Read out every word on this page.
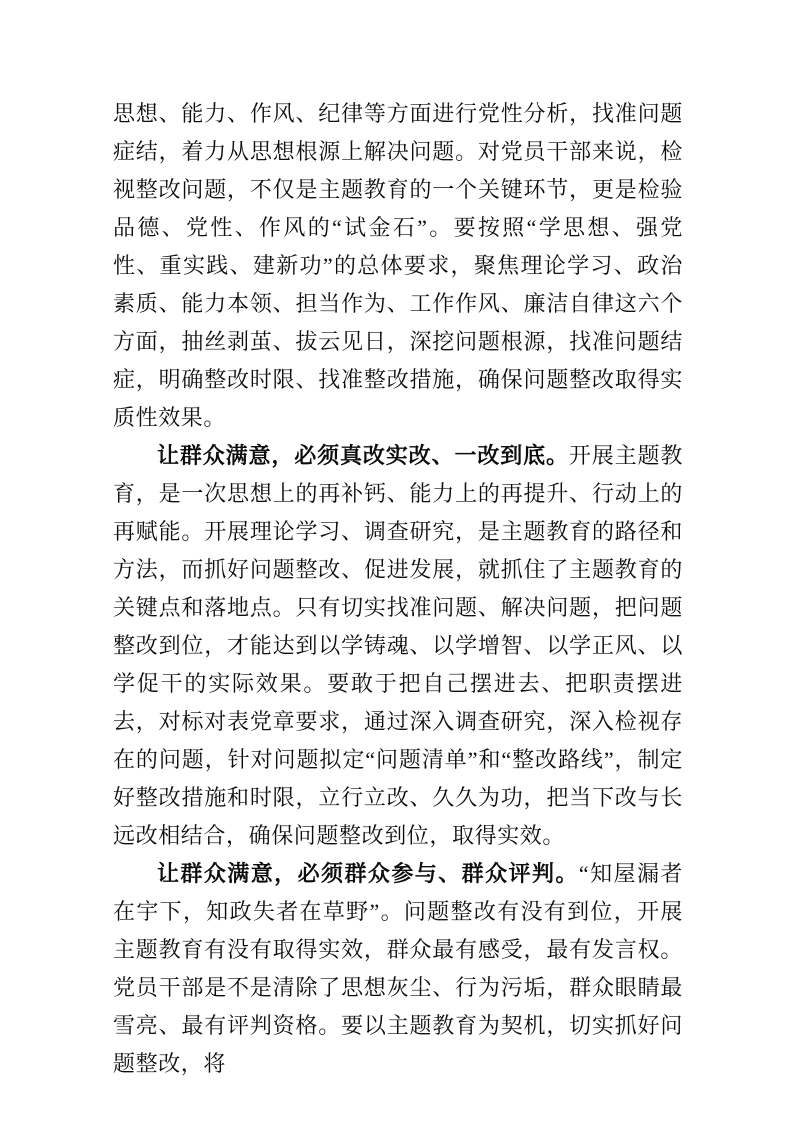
思想、能力、作风、纪律等方面进行党性分析，找准问题症结，着力从思想根源上解决问题。对党员干部来说，检视整改问题，不仅是主题教育的一个关键环节，更是检验品德、党性、作风的“试金石”。要按照“学思想、强党性、重实践、建新功”的总体要求，聚焦理论学习、政治素质、能力本领、担当作为、工作作风、廉洁自律这六个方面，抽丝剥茧、拔云见日，深挖问题根源，找准问题结症，明确整改时限、找准整改措施，确保问题整改取得实质性效果。

让群众满意，必须真改实改、一改到底。开展主题教育，是一次思想上的再补钙、能力上的再提升、行动上的再赋能。开展理论学习、调查研究，是主题教育的路径和方法，而抓好问题整改、促进发展，就抓住了主题教育的关键点和落地点。只有切实找准问题、解决问题，把问题整改到位，才能达到以学铸魂、以学增智、以学正风、以学促干的实际效果。要敢于把自己摆进去、把职责摆进去，对标对表党章要求，通过深入调查研究，深入检视存在的问题，针对问题拟定“问题清单”和“整改路线”，制定好整改措施和时限，立行立改、久久为功，把当下改与长远改相结合，确保问题整改到位，取得实效。

让群众满意，必须群众参与、群众评判。“知屋漏者在宇下，知政失者在草野”。问题整改有没有到位，开展主题教育有没有取得实效，群众最有感受，最有发言权。党员干部是不是清除了思想灰尘、行为污垢，群众眼睛最雪亮、最有评判资格。要以主题教育为契机，切实抓好问题整改，将
